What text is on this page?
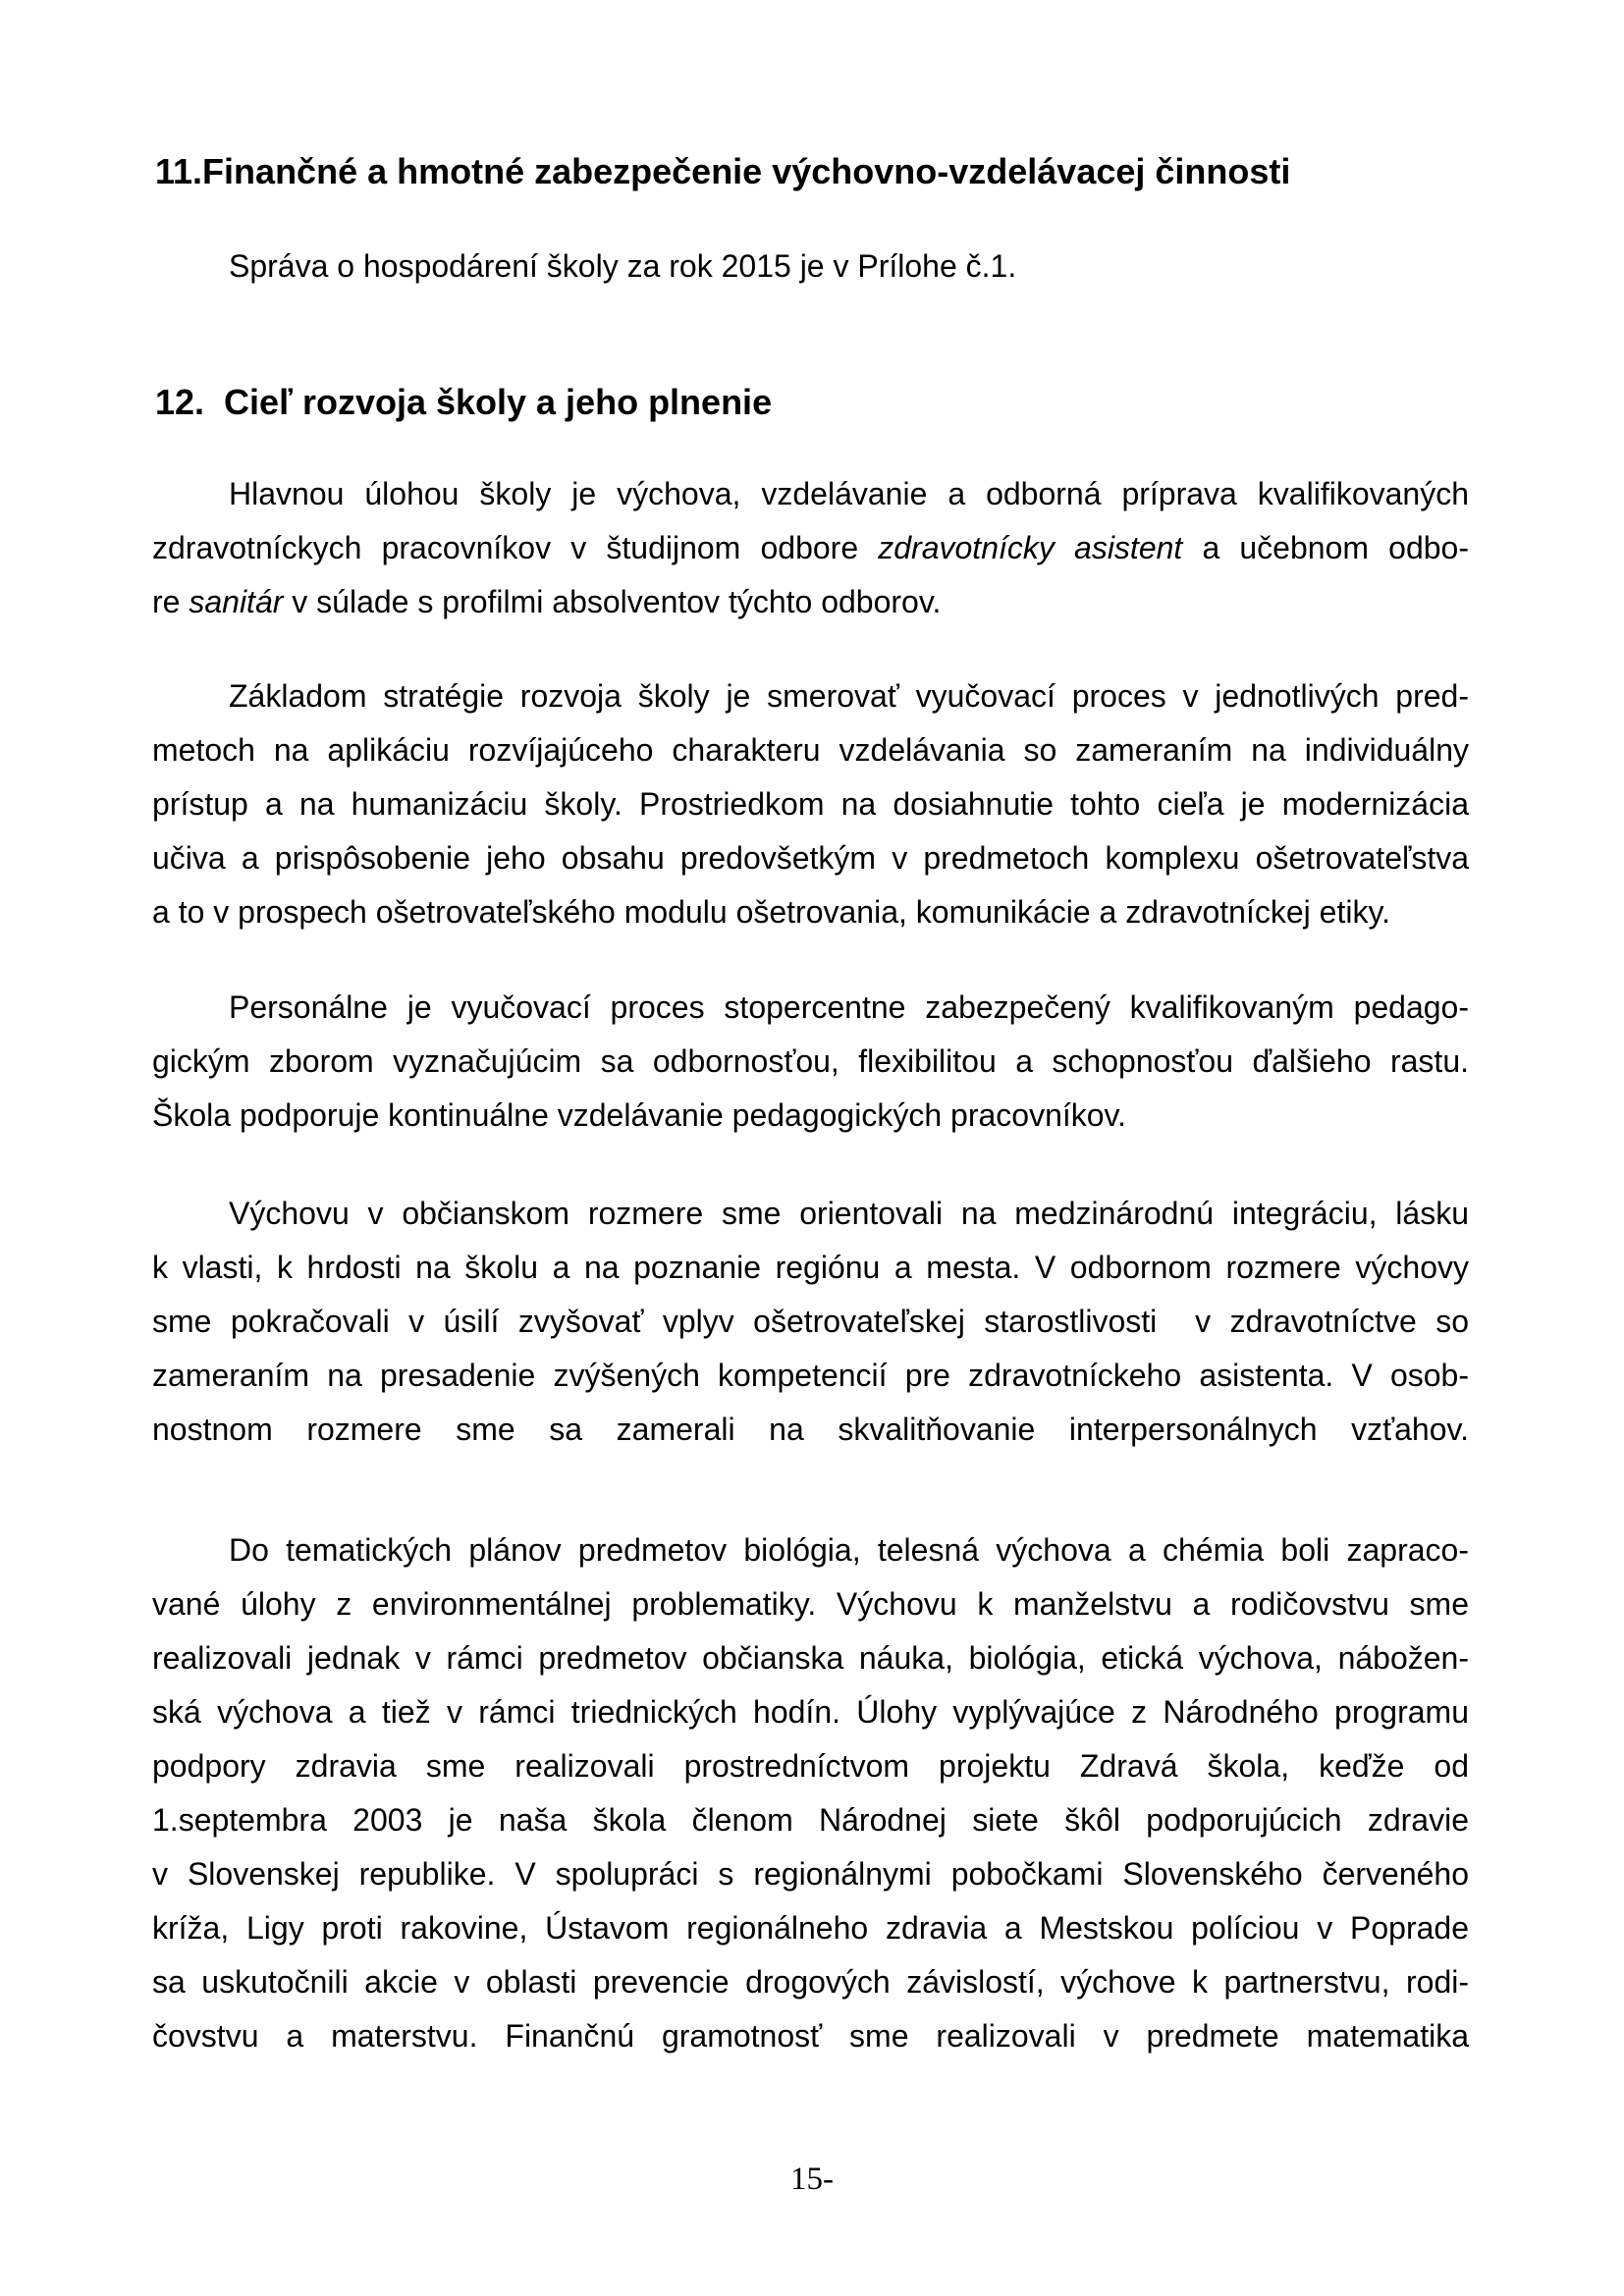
11.Finančné a hmotné zabezpečenie výchovno-vzdelávacej činnosti
Správa o hospodárení školy za rok 2015 je v Prílohe č.1.
12.  Cieľ rozvoja školy a jeho plnenie
Hlavnou úlohou školy je výchova, vzdelávanie a odborná príprava kvalifikovaných
zdravotníckych pracovníkov v študijnom odbore zdravotnícky asistent a učebnom odbo-
re sanitár v súlade s profilmi absolventov týchto odborov.
Základom stratégie rozvoja školy je smerovať vyučovací proces v jednotlivých pred-
metoch na aplikáciu rozvíjajúceho charakteru vzdelávania so zameraním na individuálny
prístup a na humanizáciu školy. Prostriedkom na dosiahnutie tohto cieľa je modernizácia
učiva a prispôsobenie jeho obsahu predovšetkým v predmetoch komplexu ošetrovateľstva
a to v prospech ošetrovateľského modulu ošetrovania, komunikácie a zdravotníckej etiky.
Personálne je vyučovací proces stopercentne zabezpečený kvalifikovaným pedago-
gickým zborom vyznačujúcim sa odbornosťou, flexibilitou a schopnosťou ďalšieho rastu.
Škola podporuje kontinuálne vzdelávanie pedagogických pracovníkov.
Výchovu v občianskom rozmere sme orientovali na medzinárodnú integráciu, lásku
k vlasti, k hrdosti na školu a na poznanie regiónu a mesta. V odbornom rozmere výchovy
sme pokračovali v úsilí zvyšovať vplyv ošetrovateľskej starostlivosti  v zdravotníctve so
zameraním na presadenie zvýšených kompetencií pre zdravotníckeho asistenta. V osob-
nostnom rozmere sme sa zamerali na skvalitňovanie interpersonálnych vzťahov.
Do tematických plánov predmetov biológia, telesná výchova a chémia boli zapraco-
vané úlohy z environmentálnej problematiky. Výchovu k manželstvu a rodičovstvu sme
realizovali jednak v rámci predmetov občianska náuka, biológia, etická výchova, nábožen-
ská výchova a tiež v rámci triednických hodín. Úlohy vyplývajúce z Národného programu
podpory zdravia sme realizovali prostredníctvom projektu Zdravá škola, keďže od
1.septembra 2003 je naša škola členom Národnej siete škôl podporujúcich zdravie
v Slovenskej republike. V spolupráci s regionálnymi pobočkami Slovenského červeného
kríža, Ligy proti rakovine, Ústavom regionálneho zdravia a Mestskou políciou v Poprade
sa uskutočnili akcie v oblasti prevencie drogových závislostí, výchove k partnerstvu, rodi-
čovstvu a materstvu. Finančnú gramotnosť sme realizovali v predmete matematika
15-
